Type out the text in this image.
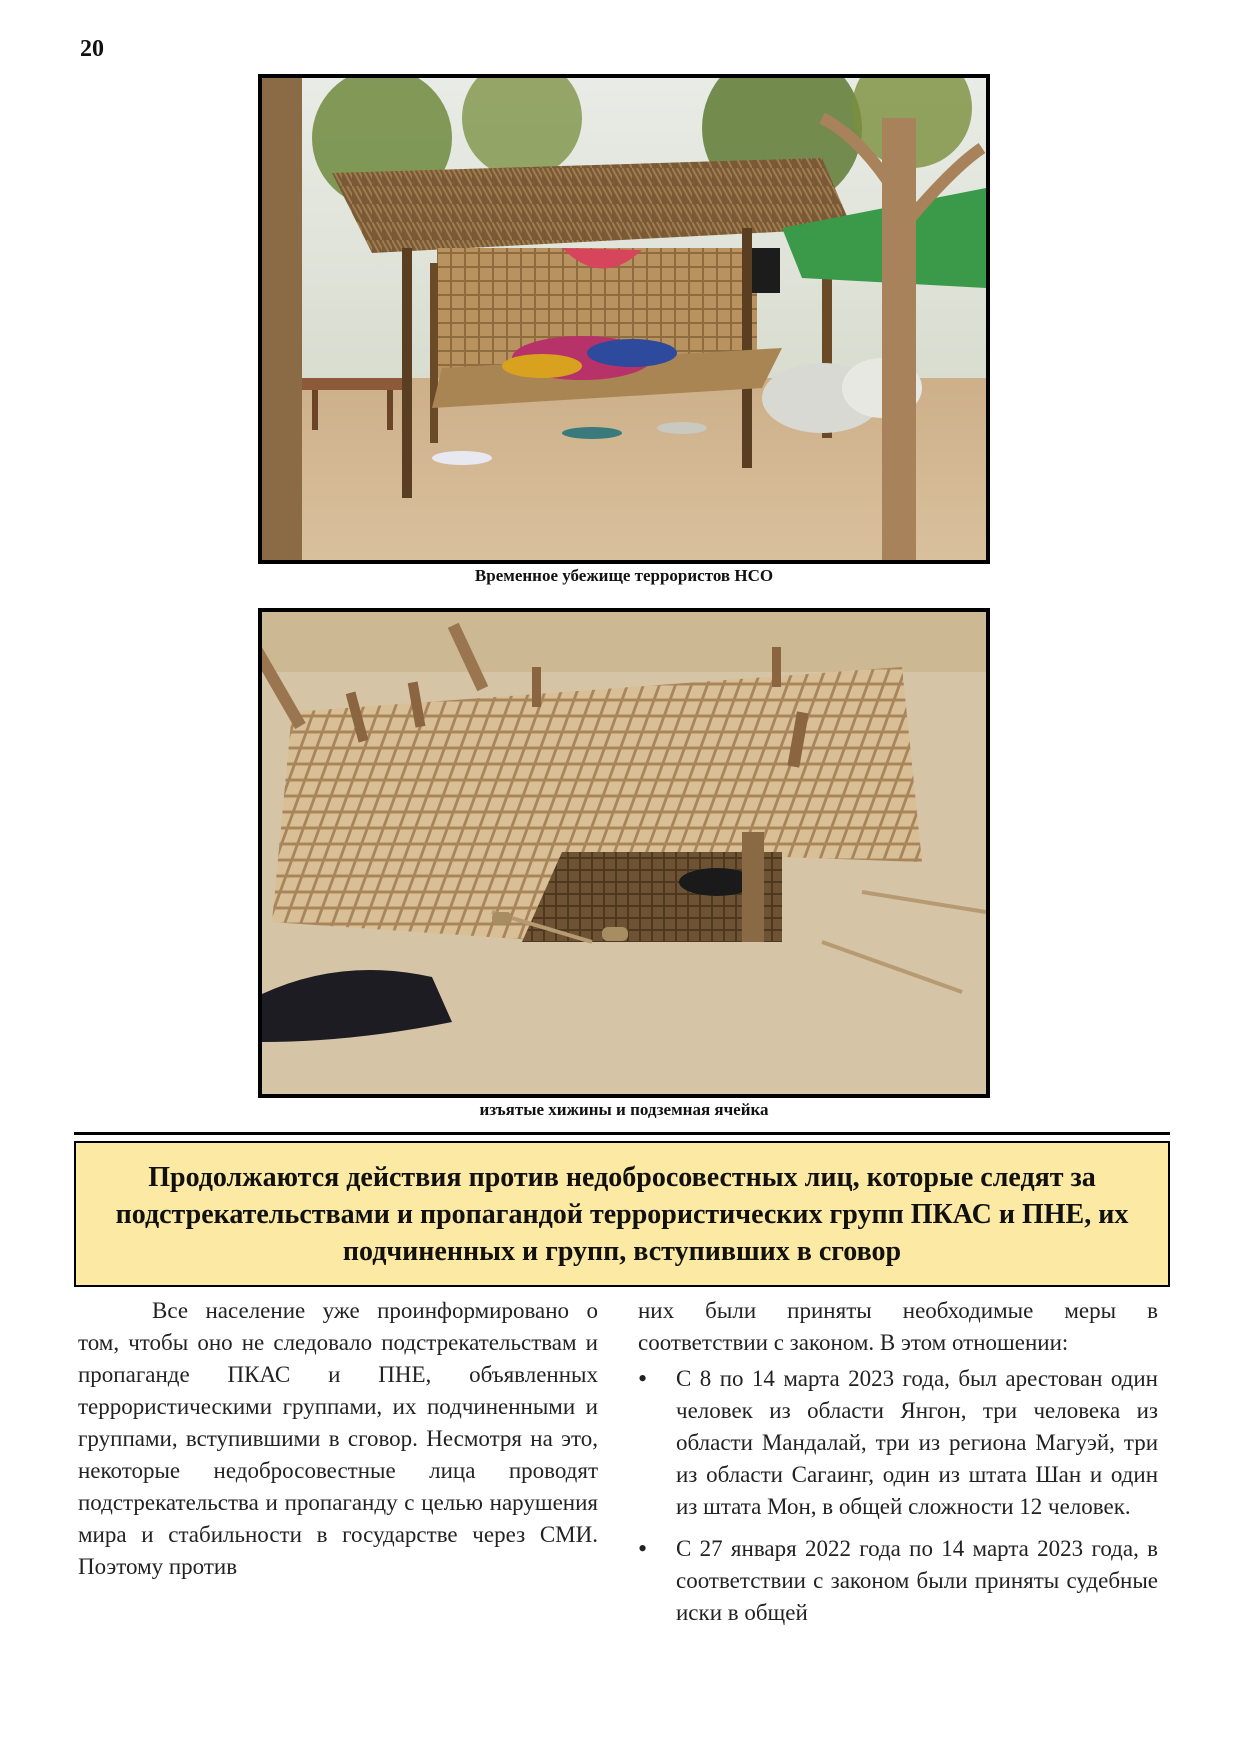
20
Временное убежище террористов НСО
изъятые хижины и подземная ячейка
Продолжаются действия против недобросовестных лиц, которые следят за подстрекательствами и пропагандой террористических групп ПКАС и ПНЕ, их подчиненных и групп, вступивших в сговор
Все население уже проинформировано о том, чтобы оно не следовало подстрекательствам и пропаганде ПКАС и ПНЕ, объявленных террористическими группами, их подчиненными и группами, вступившими в сговор. Несмотря на это, некоторые недобросовестные лица проводят подстрекательства и пропаганду с целью нарушения мира и стабильности в государстве через СМИ. Поэтому против

них были приняты необходимые меры в соответствии с законом. В этом отношении:

• С 8 по 14 марта 2023 года, был арестован один человек из области Янгон, три человека из области Мандалай, три из региона Магуэй, три из области Сагаинг, один из штата Шан и один из штата Мон, в общей сложности 12 человек.
• С 27 января 2022 года по 14 марта 2023 года, в соответствии с законом были приняты судебные иски в общей
